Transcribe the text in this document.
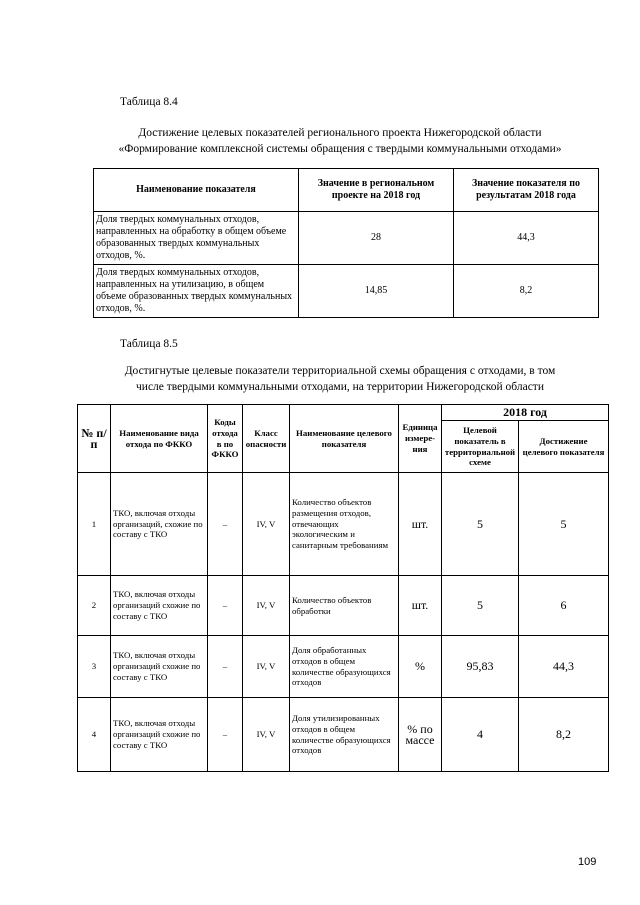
Таблица 8.4
Достижение целевых показателей регионального проекта Нижегородской области
«Формирование комплексной системы обращения с твердыми коммунальными отходами»
Наименование показателя	Значение в региональном проекте на 2018 год	Значение показателя по результатам 2018 года
Доля твердых коммунальных отходов, направленных на обработку в общем объеме образованных твердых коммунальных отходов, %.	28	44,3
Доля твердых коммунальных отходов, направленных на утилизацию, в общем объеме образованных твердых коммунальных отходов, %.	14,85	8,2
Таблица 8.5
Достигнутые целевые показатели территориальной схемы обращения с отходами, в том
числе твердыми коммунальными отходами, на территории Нижегородской области
№ п/п	Наименование вида отхода по ФККО	Коды отхода в по ФККО	Класс опасности	Наименование целевого показателя	Единица измере-ния	2018 год	
						Целевой показатель в территориальной схеме	Достижение целевого показателя
1	ТКО, включая отходы организаций, схожие по составу с ТКО	–	IV, V	Количество объектов размещения отходов, отвечающих экологическим и санитарным требованиям	шт.	5	5
2	ТКО, включая отходы организаций схожие по составу с ТКО	–	IV, V	Количество объектов обработки	шт.	5	6
3	ТКО, включая отходы организаций схожие по составу с ТКО	–	IV, V	Доля обработанных отходов в общем количестве образующихся отходов	%	95,83	44,3
4	ТКО, включая отходы организаций схожие по составу с ТКО	–	IV, V	Доля утилизированных отходов в общем количестве образующихся отходов	% по массе	4	8,2
109
